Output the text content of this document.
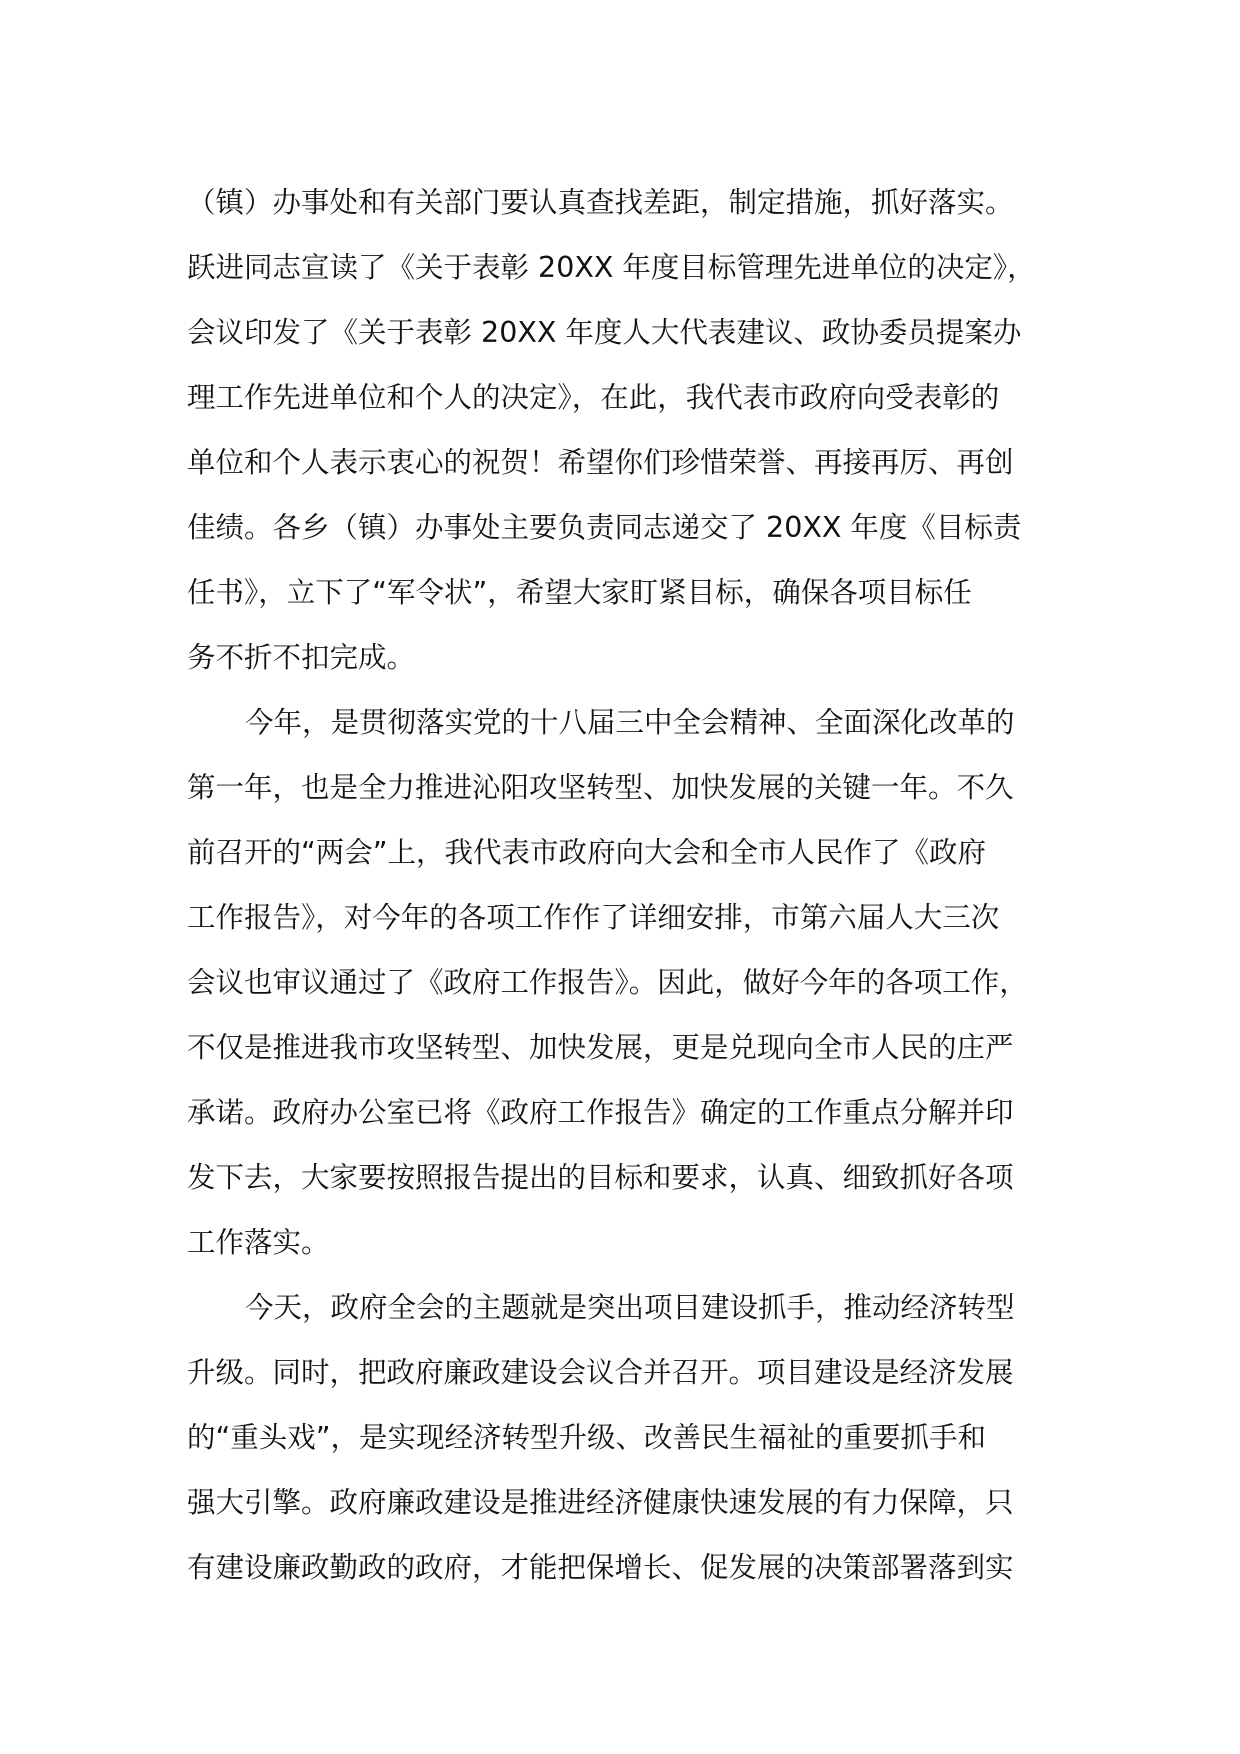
（镇）办事处和有关部门要认真查找差距，制定措施，抓好落实。
跃进同志宣读了《关于表彰 20XX 年度目标管理先进单位的决定》，
会议印发了《关于表彰 20XX 年度人大代表建议、政协委员提案办
理工作先进单位和个人的决定》，在此，我代表市政府向受表彰的
单位和个人表示衷心的祝贺！希望你们珍惜荣誉、再接再厉、再创
佳绩。各乡（镇）办事处主要负责同志递交了 20XX 年度《目标责
任书》，立下了“军令状”，希望大家盯紧目标，确保各项目标任
务不折不扣完成。
今年，是贯彻落实党的十八届三中全会精神、全面深化改革的
第一年，也是全力推进沁阳攻坚转型、加快发展的关键一年。不久
前召开的“两会”上，我代表市政府向大会和全市人民作了《政府
工作报告》，对今年的各项工作作了详细安排，市第六届人大三次
会议也审议通过了《政府工作报告》。因此，做好今年的各项工作，
不仅是推进我市攻坚转型、加快发展，更是兑现向全市人民的庄严
承诺。政府办公室已将《政府工作报告》确定的工作重点分解并印
发下去，大家要按照报告提出的目标和要求，认真、细致抓好各项
工作落实。
今天，政府全会的主题就是突出项目建设抓手，推动经济转型
升级。同时，把政府廉政建设会议合并召开。项目建设是经济发展
的“重头戏”，是实现经济转型升级、改善民生福祉的重要抓手和
强大引擎。政府廉政建设是推进经济健康快速发展的有力保障，只
有建设廉政勤政的政府，才能把保增长、促发展的决策部署落到实
